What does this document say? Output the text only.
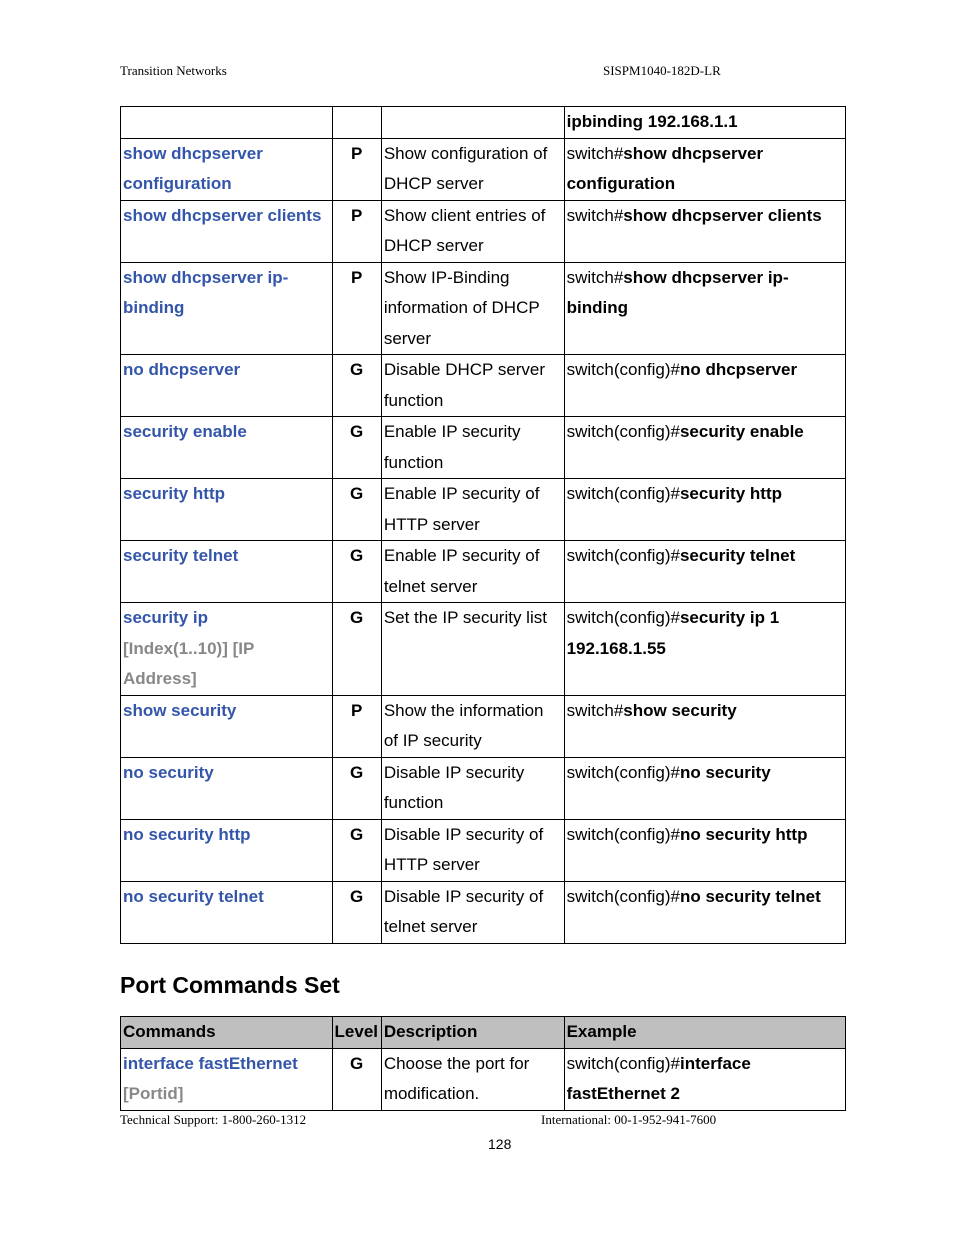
Transition Networks	SISPM1040-182D-LR
			ipbinding 192.168.1.1

show dhcpserver configuration	P	Show configuration of DHCP server	switch#show dhcpserver configuration

show dhcpserver clients	P	Show client entries of DHCP server	switch#show dhcpserver clients

show dhcpserver ip-binding	P	Show IP-Binding information of DHCP server	switch#show dhcpserver ip-binding

no dhcpserver	G	Disable DHCP server function	switch(config)#no dhcpserver

security enable	G	Enable IP security function	switch(config)#security enable

security http	G	Enable IP security of HTTP server	switch(config)#security http

security telnet	G	Enable IP security of telnet server	switch(config)#security telnet

security ip
[Index(1..10)] [IP Address]	G	Set the IP security list	switch(config)#security ip 1 192.168.1.55

show security	P	Show the information of IP security	switch#show security

no security	G	Disable IP security function	switch(config)#no security

no security http	G	Disable IP security of HTTP server	switch(config)#no security http

no security telnet	G	Disable IP security of telnet server	switch(config)#no security telnet
Port Commands Set
Commands	Level	Description	Example

interface fastEthernet
[Portid]	G	Choose the port for modification.	switch(config)#interface fastEthernet 2
Technical Support: 1-800-260-1312	International: 00-1-952-941-7600
128
